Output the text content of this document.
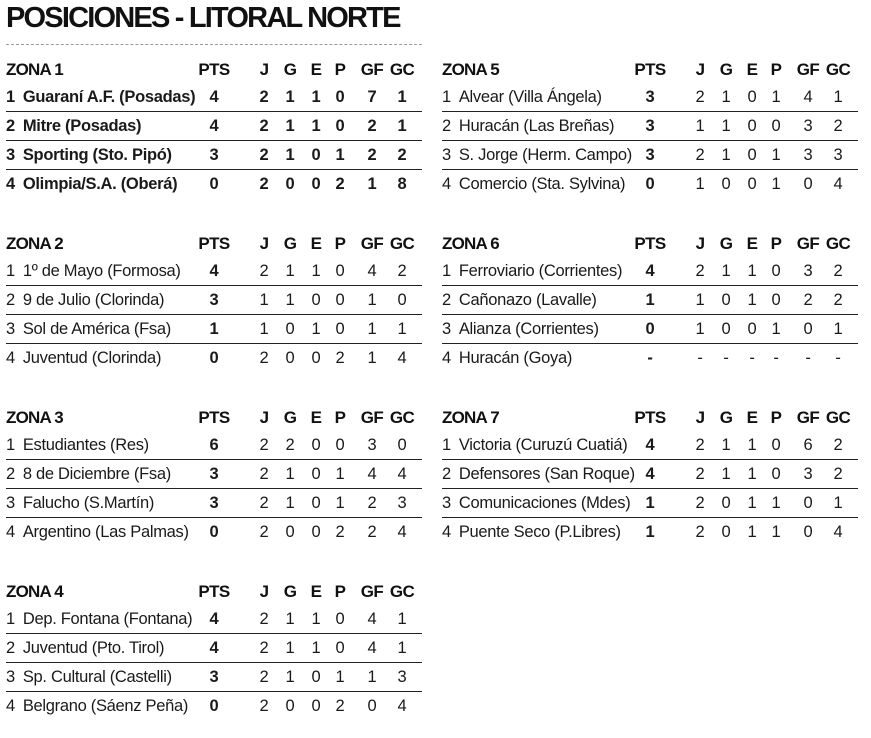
POSICIONES - LITORAL NORTE
ZONA 1	PTS J G E P GF GC
1  Guaraní A.F. (Posadas) 4	2 1 1 0	7	1
2  Mitre (Posadas)	4	2 1 1 0	2	1
3  Sporting (Sto. Pipó)	3	2 1 0 1	2	2
4  Olimpia/S.A. (Oberá)	0	2 0 0 2	1	8
ZONA 2	PTS J G E P GF GC
1  1º de Mayo (Formosa)	4	2 1 1 0	4	2
2  9 de Julio (Clorinda)	3	1 1 0 0	1	0
3  Sol de América (Fsa)	1	1 0 1 0	1	1
4  Juventud (Clorinda)	0	2 0 0 2	1	4
ZONA 3	PTS J G E P GF GC
1  Estudiantes (Res)	6	2 2 0 0	3	0
2  8 de Diciembre (Fsa)	3	2 1 0 1	4	4
3  Falucho (S.Martín)	3	2 1 0 1	2	3
4  Argentino (Las Palmas)	0	2 0 0 2	2	4
ZONA 4	PTS J G E P GF GC
1  Dep. Fontana (Fontana)	4	2 1 1 0	4	1
2  Juventud (Pto. Tirol)	4	2 1 1 0	4	1
3  Sp. Cultural (Castelli)	3	2 1 0 1	1	3
4  Belgrano (Sáenz Peña)	0	2 0 0 2	0	4
ZONA 5	PTS J G E P GF GC
1  Alvear (Villa Ángela)	3	2 1 0 1	4	1
2  Huracán (Las Breñas)	3	1 1 0 0	3	2
3  S. Jorge (Herm. Campo) 3	2 1 0 1	3	3
4  Comercio (Sta. Sylvina)	0	1 0 0 1	0	4
ZONA 6	PTS J G E P GF GC
1  Ferroviario (Corrientes)	4	2 1 1 0	3	2
2  Cañonazo (Lavalle)	1	1 0 1 0	2	2
3  Alianza (Corrientes)	0	1 0 0 1	0	1
4  Huracán (Goya)	-	-	-	-	-	-	-
ZONA 7	PTS J G E P GF GC
1  Victoria (Curuzú Cuatiá)	4	2 1 1 0	6	2
2  Defensores (San Roque) 4	2 1 1 0	3	2
3  Comunicaciones (Mdes) 1	2 0 1 1	0	1
4  Puente Seco (P.Libres)	1	2 0 1 1	0	4
